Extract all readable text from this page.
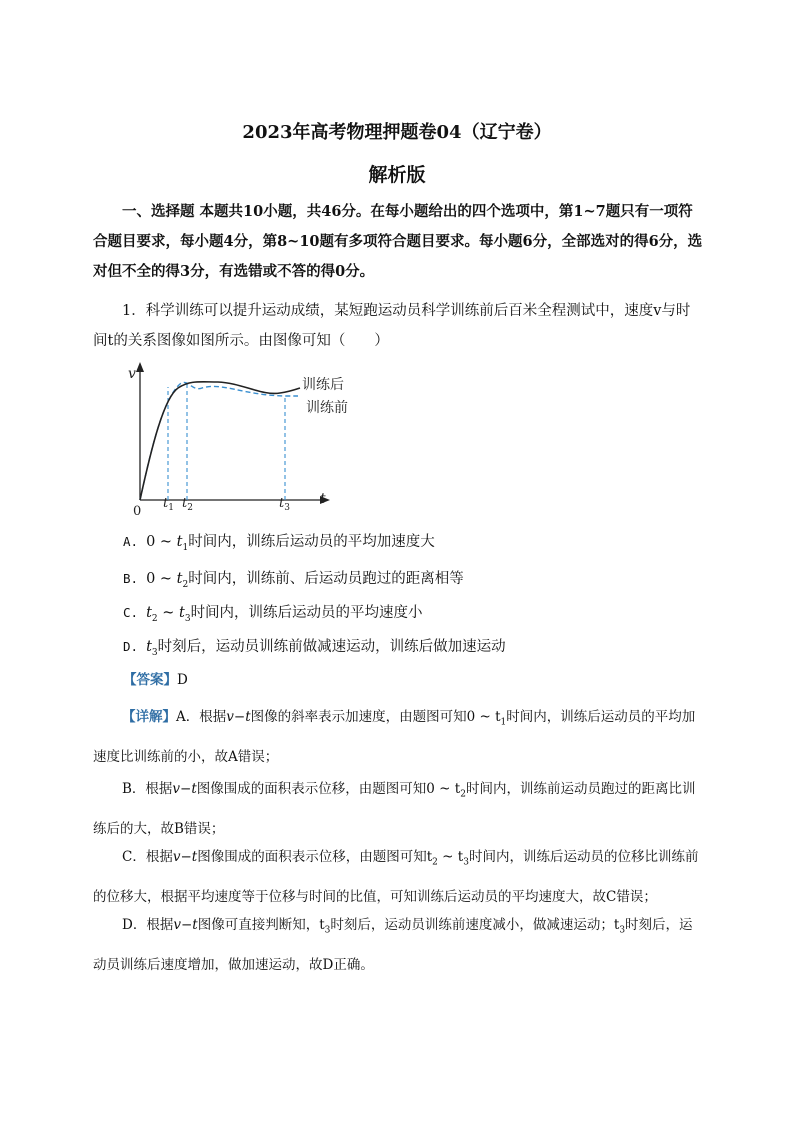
2023年高考物理押题卷04（辽宁卷）
解析版
一、选择题 本题共10小题，共46分。在每小题给出的四个选项中，第1~7题只有一项符合题目要求，每小题4分，第8~10题有多项符合题目要求。每小题6分，全部选对的得6分，选对但不全的得3分，有选错或不答的得0分。
1．科学训练可以提升运动成绩，某短跑运动员科学训练前后百米全程测试中，速度v与时间t的关系图像如图所示。由图像可知（　　）
v
0
t
$t_1$ $t_2$	$t_3$
训练后
训练前
A. 0 ~ $t_1$时间内，训练后运动员的平均加速度大
B. 0 ~ $t_2$时间内，训练前、后运动员跑过的距离相等
C. $t_2$ ~ $t_3$时间内，训练后运动员的平均速度小
D. $t_3$时刻后，运动员训练前做减速运动，训练后做加速运动
【答案】D
【详解】A．根据v−t图像的斜率表示加速度，由题图可知0 ~ $t_1$时间内，训练后运动员的平均加速度比训练前的小，故A错误；
B．根据v−t图像围成的面积表示位移，由题图可知0 ~ $t_2$时间内，训练前运动员跑过的距离比训练后的大，故B错误；
C．根据v−t图像围成的面积表示位移，由题图可知$t_2$ ~ $t_3$时间内，训练后运动员的位移比训练前的位移大，根据平均速度等于位移与时间的比值，可知训练后运动员的平均速度大，故C错误；
D．根据v−t图像可直接判断知，$t_3$时刻后，运动员训练前速度减小，做减速运动；$t_3$时刻后，运动员训练后速度增加，做加速运动，故D正确。
